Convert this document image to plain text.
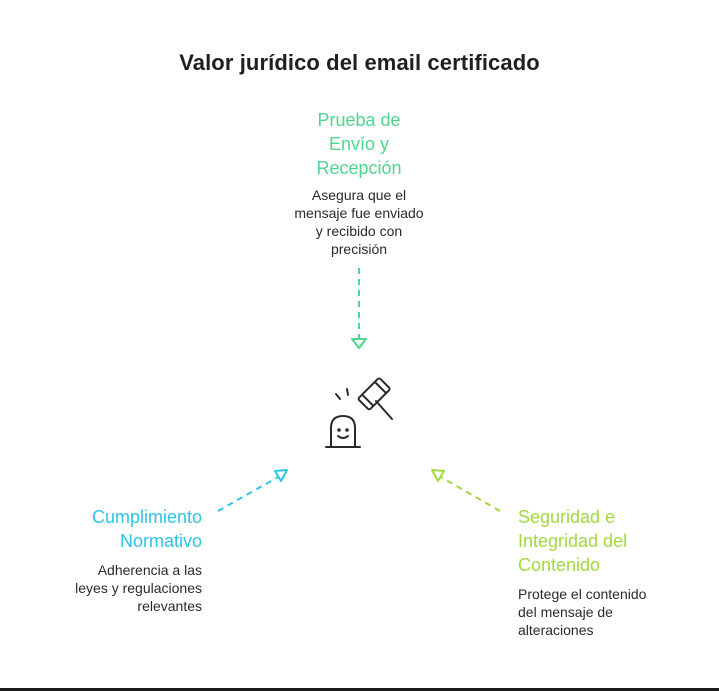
Valor jurídico del email certificado
Prueba de
Envío y
Recepción
Asegura que el
mensaje fue enviado
y recibido con
precisión
Cumplimiento
Normativo
Adherencia a las
leyes y regulaciones
relevantes
Seguridad e
Integridad del
Contenido
Protege el contenido
del mensaje de
alteraciones
